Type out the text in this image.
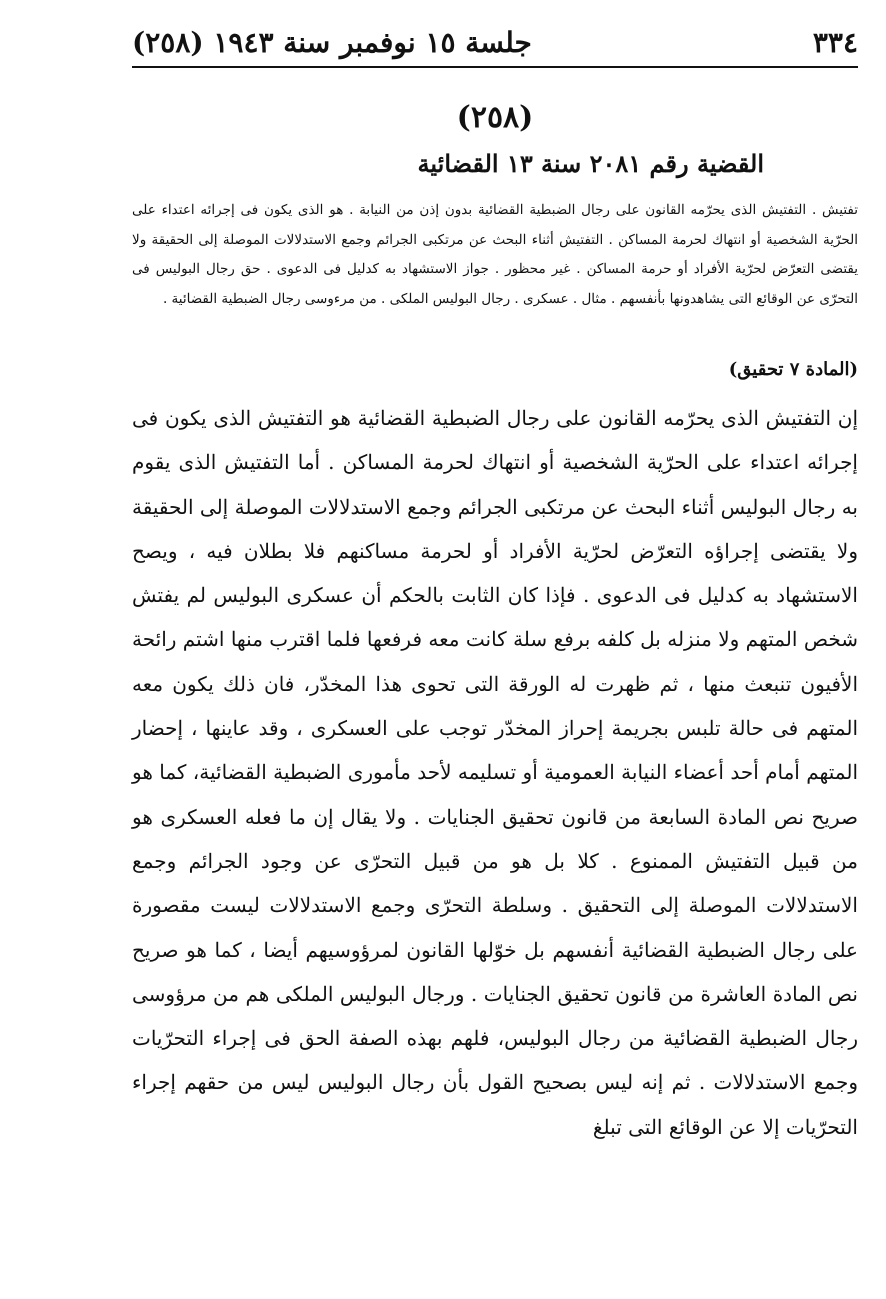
٣٣٤
جلسة ١٥ نوفمبر سنة ١٩٤٣ (٢٥٨)
(٢٥٨)
القضية رقم ٢٠٨١ سنة ١٣ القضائية

تفتيش . التفتيش الذى يحرّمه القانون على رجال الضبطية القضائية بدون إذن من النيابة . هو الذى يكون فى إجرائه اعتداء على الحرّية الشخصية أو انتهاك لحرمة المساكن . التفتيش أثناء البحث عن مرتكبى الجرائم وجمع الاستدلالات الموصلة إلى الحقيقة ولا يقتضى التعرّض لحرّية الأفراد أو حرمة المساكن . غير محظور . جواز الاستشهاد به كدليل فى الدعوى . حق رجال البوليس فى التحرّى عن الوقائع التى يشاهدونها بأنفسهم . مثال . عسكرى . رجال البوليس الملكى . من مرءوسى رجال الضبطية القضائية .

(المادة ٧ تحقيق)

إن التفتيش الذى يحرّمه القانون على رجال الضبطية القضائية هو التفتيش الذى يكون فى إجرائه اعتداء على الحرّية الشخصية أو انتهاك لحرمة المساكن . أما التفتيش الذى يقوم به رجال البوليس أثناء البحث عن مرتكبى الجرائم وجمع الاستدلالات الموصلة إلى الحقيقة ولا يقتضى إجراؤه التعرّض لحرّية الأفراد أو لحرمة مساكنهم فلا بطلان فيه ، ويصح الاستشهاد به كدليل فى الدعوى . فإذا كان الثابت بالحكم أن عسكرى البوليس لم يفتش شخص المتهم ولا منزله بل كلفه برفع سلة كانت معه فرفعها فلما اقترب منها اشتم رائحة الأفيون تنبعث منها ، ثم ظهرت له الورقة التى تحوى هذا المخدّر، فان ذلك يكون معه المتهم فى حالة تلبس بجريمة إحراز المخدّر توجب على العسكرى ، وقد عاينها ، إحضار المتهم أمام أحد أعضاء النيابة العمومية أو تسليمه لأحد مأمورى الضبطية القضائية، كما هو صريح نص المادة السابعة من قانون تحقيق الجنايات . ولا يقال إن ما فعله العسكرى هو من قبيل التفتيش الممنوع . كلا بل هو من قبيل التحرّى عن وجود الجرائم وجمع الاستدلالات الموصلة إلى التحقيق . وسلطة التحرّى وجمع الاستدلالات ليست مقصورة على رجال الضبطية القضائية أنفسهم بل خوّلها القانون لمرؤوسيهم أيضا ، كما هو صريح نص المادة العاشرة من قانون تحقيق الجنايات . ورجال البوليس الملكى هم من مرؤوسى رجال الضبطية القضائية من رجال البوليس، فلهم بهذه الصفة الحق فى إجراء التحرّيات وجمع الاستدلالات . ثم إنه ليس بصحيح القول بأن رجال البوليس ليس من حقهم إجراء التحرّيات إلا عن الوقائع التى تبلغ
